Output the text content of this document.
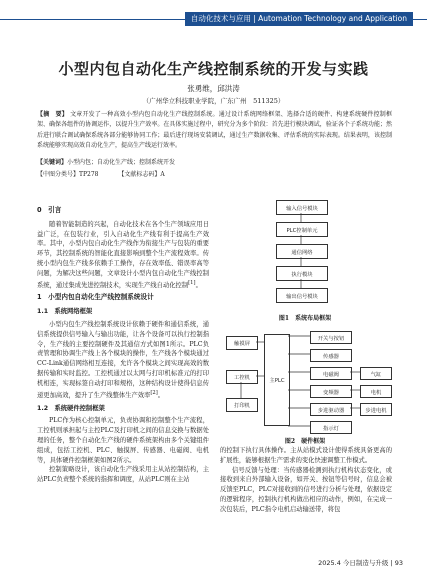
自动化技术与应用 | Automation Technology and Application
小型内包自动化生产线控制系统的开发与实践
张勇维，邱洪涛
（广州华立科技职业学院，广东广州　511325）
【摘　要】 文章开发了一种高效小型内包自动化生产线控制系统。通过设计系统网络框架、选择合适的硬件、构建系统硬件控制框架、确保各组件的协调运作，以提升生产效率。在具体实施过程中，研究分为多个阶段：首先进行模块调试，验证各个子系统功能；然后进行联合调试确保系统各部分能够协同工作；最后进行现场安装调试，通过生产数据收集、评估系统的实际表现。结果表明，该控制系统能够实现高效自动化生产，提高生产线运行效率。
【关键词】小型内包；自动化生产线；控制系统开发
【中图分类号】TP278	【文献标志码】A
0　引言

随着智能制造的兴起，自动化技术在各个生产领域应用日益广泛，在包装行业，引入自动化生产线有利于提高生产效率。其中，小型内包自动化生产线作为衔接生产与包装的重要环节，其控制系统的智能化直接影响到整个生产流程效率。传统小型内包生产线多依赖手工操作，存在效率低、错误率高等问题，为解决这些问题，文章设计小型内包自动化生产线控制系统，通过集成先进控制技术，实现生产线自动化控制[1]。

1　小型内包自动化生产线控制系统设计
1.1　系统网络框架

小型内包生产线控制系统设计依赖于硬件和通信系统，通信系统提供信号输入与输出功能，让各个设备可以执行控制指令，生产线的主要控制硬件及其通信方式如图1所示。PLC负责管理和协调生产线上各个模块的操作，生产线各个模块通过CC-Link通信网络相互连接，允许各个模块之间实现高效的数据传输和实时监控。工控机通过以太网与打印机标准元的打印机相连，实现标签自动打印和规格，这种结构设计使得信息传递更加高效，提升了生产线整体生产效率[2]。

1.2　系统硬件控制框架

PLC作为核心控制单元，负责协调和控制整个生产流程，工控机则承担起与主控PLC及打印机之间的信息交换与数据处理的任务，整个自动化生产线的硬件系统架构由多个关键组件组成，包括工控机、PLC、触摸屏、传感器、电磁阀、电机等，具体硬件控制框架如图2所示。

控制策略设计，该自动化生产线采用主从站控制结构，主站PLC负责整个系统的指挥和调度，从站PLC则在主站

输入信号模块
PLC控制单元
通信网络
执行模块
输出信号模块
图1　系统布局框架
触摸屏
工控机
打印机
主PLC
开关与按钮
传感器
电磁阀
变频器
步进驱动器
指示灯
气缸
电机
步进电机
图2　硬件框架

的控制下执行具体操作。主从站模式设计使得系统具备更高的扩展性，能够根据生产需求的变化快速调整工作模式。

信号反馈与处理：当传感器检测到执行机构状态变化，或接收到来自外部输入设备，如开关、按钮等信号时，信息会被反馈至PLC，PLC对接收到的信号进行分析与处理，依据设定的逻辑程序，控制执行机构做出相应的动作，例如，在完成一次包装后，PLC指令电机启动输送带，将包

2025.4 今日制造与升级 | 93
